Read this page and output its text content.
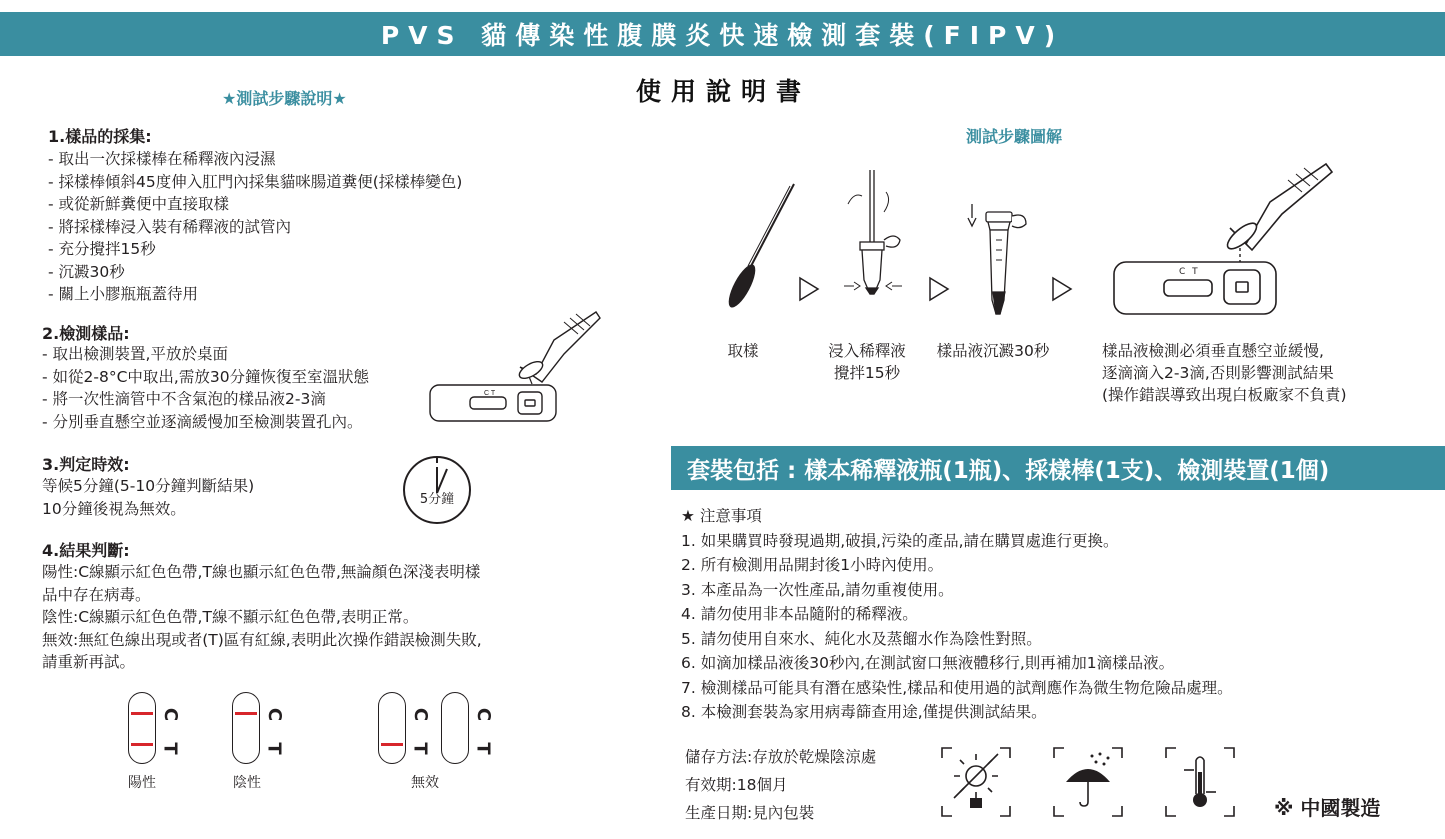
PVS 貓傳染性腹膜炎快速檢測套裝(FIPV)
使用說明書
★測試步驟說明★
1.樣品的採集:
- 取出一次採樣棒在稀釋液內浸濕
- 採樣棒傾斜45度伸入肛門內採集貓咪腸道糞便(採樣棒變色)
- 或從新鮮糞便中直接取樣
- 將採樣棒浸入裝有稀釋液的試管內
- 充分攪拌15秒
- 沉澱30秒
- 關上小膠瓶瓶蓋待用
2.檢測樣品:
- 取出檢測裝置,平放於桌面
- 如從2-8°C中取出,需放30分鐘恢復至室溫狀態
- 將一次性滴管中不含氣泡的樣品液2-3滴
- 分別垂直懸空並逐滴緩慢加至檢測裝置孔內。
3.判定時效:
等候5分鐘(5-10分鐘判斷結果)
10分鐘後視為無效。
4.結果判斷:
陽性:C線顯示紅色色帶,T線也顯示紅色色帶,無論顏色深淺表明樣
品中存在病毒。
陰性:C線顯示紅色色帶,T線不顯示紅色色帶,表明正常。
無效:無紅色線出現或者(T)區有紅線,表明此次操作錯誤檢測失敗,
請重新再試。
C T
5分鐘
C
T
陽性
C
T
陰性
C
T
C
T
無效
測試步驟圖解
C T
取樣	浸入稀釋液
攪拌15秒
樣品液沉澱30秒	樣品液檢測必須垂直懸空並緩慢,
逐滴滴入2-3滴,否則影響測試結果
(操作錯誤導致出現白板廠家不負責)
套裝包括 : 樣本稀釋液瓶(1瓶)、採樣棒(1支)、檢測裝置(1個)
★ 注意事項
1. 如果購買時發現過期,破損,污染的產品,請在購買處進行更換。
2. 所有檢測用品開封後1小時內使用。
3. 本產品為一次性產品,請勿重複使用。
4. 請勿使用非本品隨附的稀釋液。
5. 請勿使用自來水、純化水及蒸餾水作為陰性對照。
6. 如滴加樣品液後30秒內,在測試窗口無液體移行,則再補加1滴樣品液。
7. 檢測樣品可能具有潛在感染性,樣品和使用過的試劑應作為微生物危險品處理。
8. 本檢測套裝為家用病毒篩查用途,僅提供測試結果。
儲存方法:存放於乾燥陰涼處
有效期:18個月
生產日期:見內包裝	※ 中國製造
